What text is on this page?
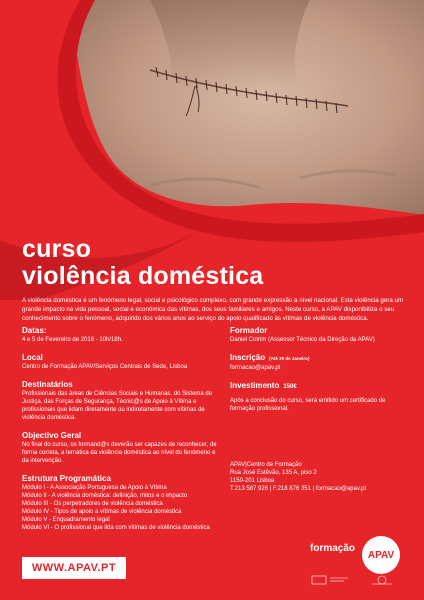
curso
violência doméstica

A violência doméstica é um fenómeno legal, social e psicológico complexo, com grande expressão a nível nacional. Esta violência gera um grande impacto na vida pessoal, social e económica das vítimas, dos seus familiares e amigos. Neste curso, a APAV disponibiliza o seu conhecimento sobre o fenómeno, adquirido dos vários anos ao serviço do apoio qualificado às vítimas de violência doméstica.

Datas:
4 e 5 de Fevereiro de 2016 - 10h/18h.
Local
Centro de Formação APAV/Serviços Centrais de Sede, Lisboa
Destinatários
Profissionais das áreas de Ciências Sociais e Humanas, do Sistema de Justiça, das Forças de Segurança, Técnic@s de Apoio à Vítima e profissionais que lidam diretamente ou indiretamente com vítimas de violência doméstica.
Objectivo Geral
No final do curso, os formand@s deverão ser capazes de reconhecer, de forma correta, a temática da violência doméstica ao nível do fenómeno e da intervenção.
Estrutura Programática
Módulo I - A Associação Portuguesa de Apoio à Vítima
Módulo II - A violência doméstica: definição, mitos e o impacto
Módulo III - Os perpetradores de violência doméstica
Módulo IV - Tipos de apoio a vítimas de violência doméstica
Módulo V - Enquadramento legal
Módulo VI - O profissional que lida com vítimas de violência doméstica
Formador
Daniel Cotrim (Assessor Técnico da Direção da APAV)
Inscrição (Até 29 de Janeiro)
formacao@apav.pt
Investimento 150€
Após a conclusão do curso, será emitido um certificado de formação profissional.
APAV|Centro de Formação
Rua José Estêvão, 135 A, piso 2
1150-201 Lisboa
T.213 587 926 | F.218 876 351 | formacao@apav.pt
WWW.APAV.PT
formação
APAV
